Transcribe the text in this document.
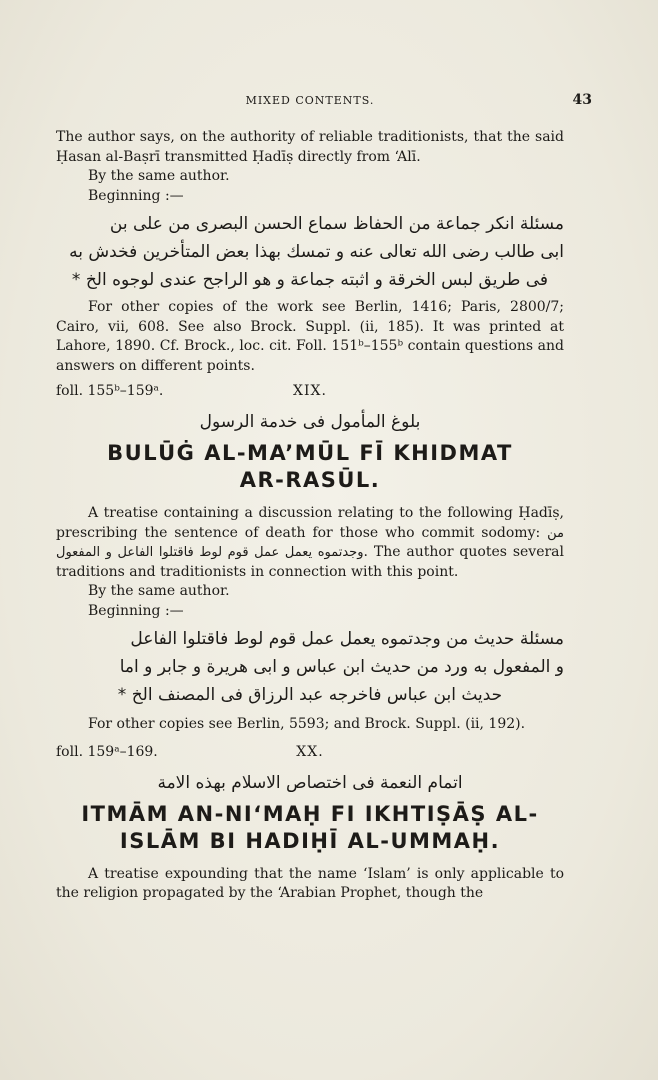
MIXED CONTENTS.	43

The author says, on the authority of reliable traditionists, that the said Ḥasan al-Baṣrī transmitted Ḥadīṣ directly from ‘Alī.

By the same author.

Beginning :—

مسئلة انكر جماعة من الحفاظ سماع الحسن البصرى من على بن

ابى طالب رضى الله تعالى عنه و تمسك بهذا بعض المتأخرين فخدش به

فى طريق لبس الخرقة و اثبته جماعة و هو الراجح عندى لوجوه الخ *

For other copies of the work see Berlin, 1416; Paris, 2800/7; Cairo, vii, 608. See also Brock. Suppl. (ii, 185). It was printed at Lahore, 1890. Cf. Brock., loc. cit. Foll. 151ᵇ–155ᵇ contain questions and answers on different points.

foll. 155ᵇ–159ᵃ.	XIX.

بلوغ المأمول فى خدمة الرسول

BULŪĠ AL-MA’MŪL FĪ KHIDMAT

AR-RASŪL.

A treatise containing a discussion relating to the following Ḥadīṣ, prescribing the sentence of death for those who commit sodomy: من وجدتموه يعمل عمل قوم لوط فاقتلوا الفاعل و المفعول. The author quotes several traditions and traditionists in connection with this point.

By the same author.

Beginning :—

مسئلة حديث من وجدتموه يعمل عمل قوم لوط فاقتلوا الفاعل

و المفعول به ورد من حديث ابن عباس و ابى هريرة و جابر و اما

حديث ابن عباس فاخرجه عبد الرزاق فى المصنف الخ *

For other copies see Berlin, 5593; and Brock. Suppl. (ii, 192).

foll. 159ᵃ–169.	XX.

اتمام النعمة فى اختصاص الاسلام بهذه الامة

ITMĀM AN-NI‘MAḤ FI IKHTIṢĀṢ AL-

ISLĀM BI HADIḤĪ AL-UMMAḤ.

A treatise expounding that the name ‘Islam’ is only applicable to the religion propagated by the ‘Arabian Prophet, though the
